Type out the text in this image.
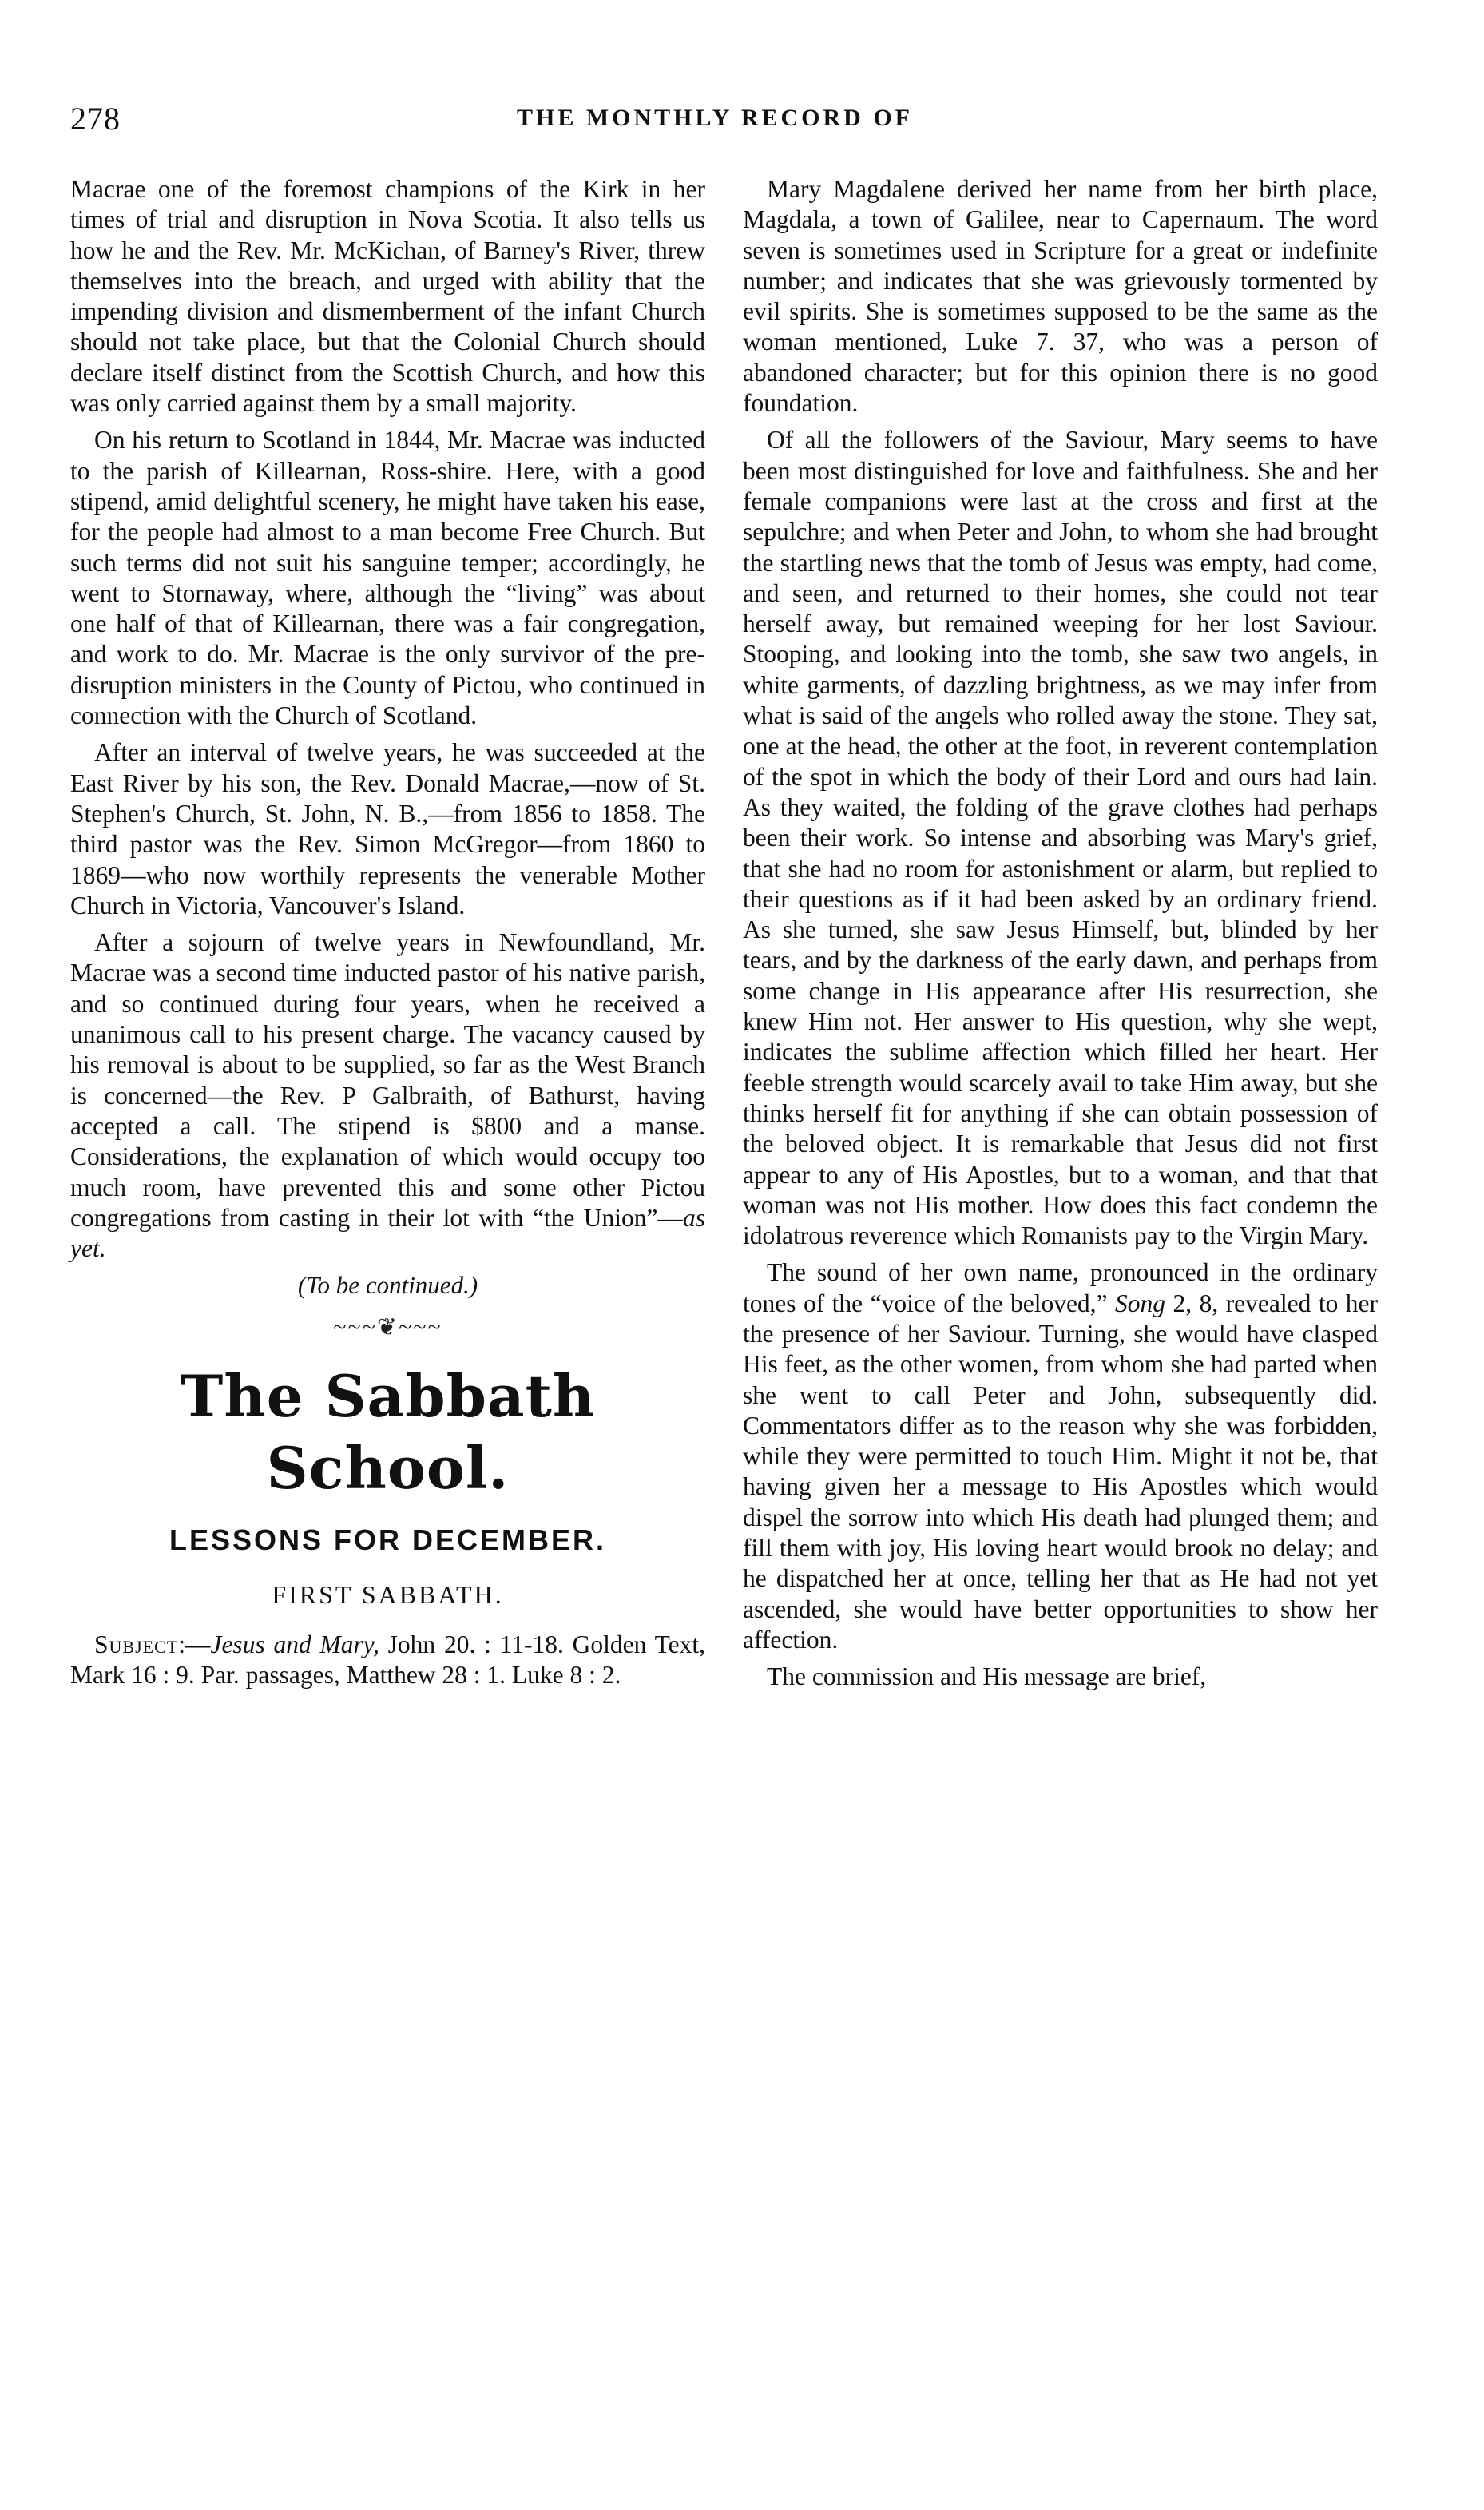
278	THE MONTHLY RECORD OF

Macrae one of the foremost champions of the Kirk in her times of trial and disruption in Nova Scotia. It also tells us how he and the Rev. Mr. McKichan, of Barney's River, threw themselves into the breach, and urged with ability that the impending division and dismemberment of the infant Church should not take place, but that the Colonial Church should declare itself distinct from the Scottish Church, and how this was only carried against them by a small majority.

On his return to Scotland in 1844, Mr. Macrae was inducted to the parish of Killearnan, Ross-shire. Here, with a good stipend, amid delightful scenery, he might have taken his ease, for the people had almost to a man become Free Church. But such terms did not suit his sanguine temper; accordingly, he went to Stornaway, where, although the “living” was about one half of that of Killearnan, there was a fair congregation, and work to do. Mr. Macrae is the only survivor of the pre-disruption ministers in the County of Pictou, who continued in connection with the Church of Scotland.

After an interval of twelve years, he was succeeded at the East River by his son, the Rev. Donald Macrae,—now of St. Stephen's Church, St. John, N. B.,—from 1856 to 1858. The third pastor was the Rev. Simon McGregor—from 1860 to 1869—who now worthily represents the venerable Mother Church in Victoria, Vancouver's Island.

After a sojourn of twelve years in Newfoundland, Mr. Macrae was a second time inducted pastor of his native parish, and so continued during four years, when he received a unanimous call to his present charge. The vacancy caused by his removal is about to be supplied, so far as the West Branch is concerned—the Rev. P Galbraith, of Bathurst, having accepted a call. The stipend is $800 and a manse. Considerations, the explanation of which would occupy too much room, have prevented this and some other Pictou congregations from casting in their lot with “the Union”—as yet.

(To be continued.)
~~~❦~~~
The Sabbath School.
LESSONS FOR DECEMBER.
FIRST SABBATH.

Subject:—Jesus and Mary, John 20. : 11-18. Golden Text, Mark 16 : 9. Par. passages, Matthew 28 : 1. Luke 8 : 2.

Mary Magdalene derived her name from her birth place, Magdala, a town of Galilee, near to Capernaum. The word seven is sometimes used in Scripture for a great or indefinite number; and indicates that she was grievously tormented by evil spirits. She is sometimes supposed to be the same as the woman mentioned, Luke 7. 37, who was a person of abandoned character; but for this opinion there is no good foundation.

Of all the followers of the Saviour, Mary seems to have been most distinguished for love and faithfulness. She and her female companions were last at the cross and first at the sepulchre; and when Peter and John, to whom she had brought the startling news that the tomb of Jesus was empty, had come, and seen, and returned to their homes, she could not tear herself away, but remained weeping for her lost Saviour. Stooping, and looking into the tomb, she saw two angels, in white garments, of dazzling brightness, as we may infer from what is said of the angels who rolled away the stone. They sat, one at the head, the other at the foot, in reverent contemplation of the spot in which the body of their Lord and ours had lain. As they waited, the folding of the grave clothes had perhaps been their work. So intense and absorbing was Mary's grief, that she had no room for astonishment or alarm, but replied to their questions as if it had been asked by an ordinary friend. As she turned, she saw Jesus Himself, but, blinded by her tears, and by the darkness of the early dawn, and perhaps from some change in His appearance after His resurrection, she knew Him not. Her answer to His question, why she wept, indicates the sublime affection which filled her heart. Her feeble strength would scarcely avail to take Him away, but she thinks herself fit for anything if she can obtain possession of the beloved object. It is remarkable that Jesus did not first appear to any of His Apostles, but to a woman, and that that woman was not His mother. How does this fact condemn the idolatrous reverence which Romanists pay to the Virgin Mary.

The sound of her own name, pronounced in the ordinary tones of the “voice of the beloved,” Song 2, 8, revealed to her the presence of her Saviour. Turning, she would have clasped His feet, as the other women, from whom she had parted when she went to call Peter and John, subsequently did. Commentators differ as to the reason why she was forbidden, while they were permitted to touch Him. Might it not be, that having given her a message to His Apostles which would dispel the sorrow into which His death had plunged them; and fill them with joy, His loving heart would brook no delay; and he dispatched her at once, telling her that as He had not yet ascended, she would have better opportunities to show her affection.

The commission and His message are brief,
